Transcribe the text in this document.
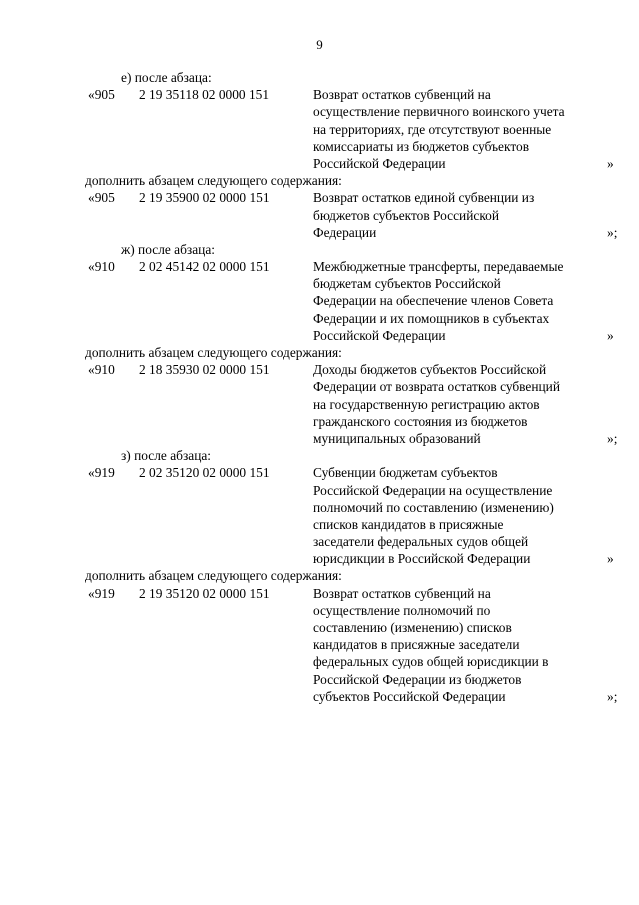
9
е) после абзаца:
«905 2 19 35118 02 0000 151	Возврат остатков субвенций на
осуществление первичного воинского учета
на территориях, где отсутствуют военные
комиссариаты из бюджетов субъектов
Российской Федерации	»
дополнить абзацем следующего содержания:
«905 2 19 35900 02 0000 151	Возврат остатков единой субвенции из
бюджетов субъектов Российской
Федерации	»;
ж) после абзаца:
«910 2 02 45142 02 0000 151	Межбюджетные трансферты, передаваемые
бюджетам субъектов Российской
Федерации на обеспечение членов Совета
Федерации и их помощников в субъектах
Российской Федерации	»
дополнить абзацем следующего содержания:
«910 2 18 35930 02 0000 151	Доходы бюджетов субъектов Российской
Федерации от возврата остатков субвенций
на государственную регистрацию актов
гражданского состояния из бюджетов
муниципальных образований	»;
з) после абзаца:
«919 2 02 35120 02 0000 151	Субвенции бюджетам субъектов
Российской Федерации на осуществление
полномочий по составлению (изменению)
списков кандидатов в присяжные
заседатели федеральных судов общей
юрисдикции в Российской Федерации	»
дополнить абзацем следующего содержания:
«919 2 19 35120 02 0000 151	Возврат остатков субвенций на
осуществление полномочий по
составлению (изменению) списков
кандидатов в присяжные заседатели
федеральных судов общей юрисдикции в
Российской Федерации из бюджетов
субъектов Российской Федерации	»;
